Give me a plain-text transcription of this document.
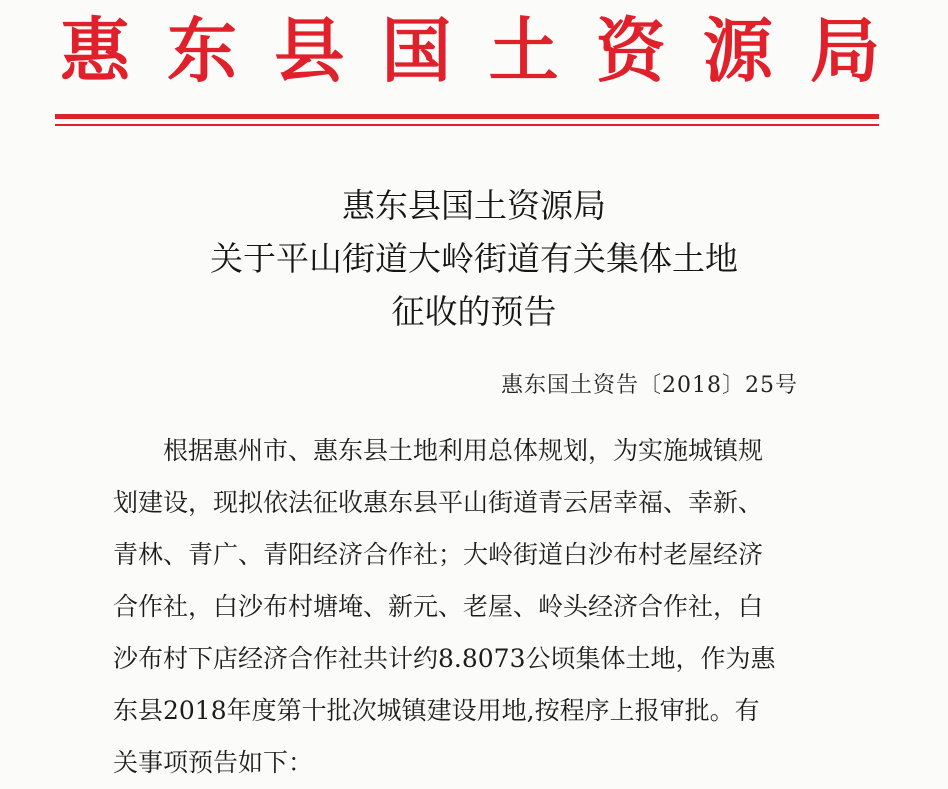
惠 东 县 国 土 资 源 局
惠东县国土资源局
关于平山街道大岭街道有关集体土地
征收的预告
惠东国土资告〔2018〕25号
根据惠州市、惠东县土地利用总体规划，为实施城镇规
划建设，现拟依法征收惠东县平山街道青云居幸福、幸新、
青林、青广、青阳经济合作社；大岭街道白沙布村老屋经济
合作社，白沙布村塘埯、新元、老屋、岭头经济合作社，白
沙布村下店经济合作社共计约8.8073公顷集体土地，作为惠
东县2018年度第十批次城镇建设用地,按程序上报审批。有
关事项预告如下：
